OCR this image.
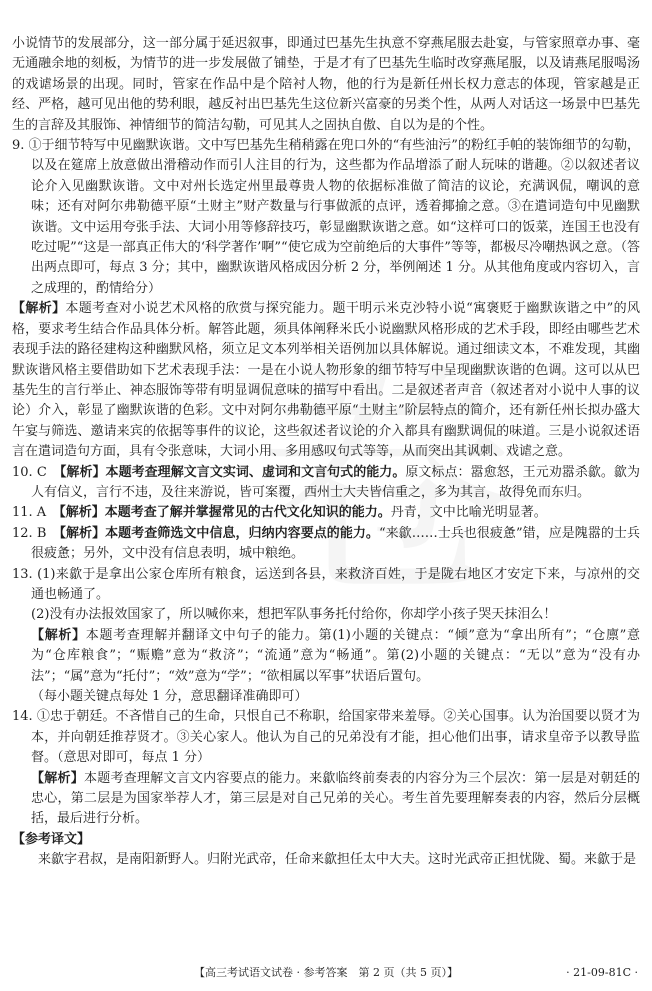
小说情节的发展部分，这一部分属于延迟叙事，即通过巴基先生执意不穿燕尾服去赴宴，与管家照章办事、毫无通融余地的刻板，为情节的进一步发展做了铺垫，于是才有了巴基先生临时改穿燕尾服，以及请燕尾服喝汤的戏谑场景的出现。同时，管家在作品中是个陪衬人物，他的行为是新任州长权力意志的体现，管家越是正经、严格，越可见出他的势利眼，越反衬出巴基先生这位新兴富豪的另类个性，从两人对话这一场景中巴基先生的言辞及其服饰、神情细节的简洁勾勒，可见其人之固执自傲、自以为是的个性。

9. ①于细节特写中见幽默诙谐。文中写巴基先生稍稍露在兜口外的“有些油污”的粉红手帕的装饰细节的勾勒，以及在筵席上放意做出滑稽动作而引人注目的行为，这些都为作品增添了耐人玩味的谐趣。②以叙述者议论介入见幽默诙谐。文中对州长选定州里最尊贵人物的依据标准做了简洁的议论，充满讽侃，嘲讽的意味；还有对阿尔弗勒德平原“土财主”财产数量与行事做派的点评，透着揶揄之意。③在遣词造句中见幽默诙谐。文中运用夸张手法、大词小用等修辞技巧，彰显幽默诙谐之意。如“这样可口的饭菜，连国王也没有吃过呢”“这是一部真正伟大的‘科学著作’啊”“使它成为空前绝后的大事件”等等，都极尽冷嘲热讽之意。（答出两点即可，每点 3 分；其中，幽默诙谐风格成因分析 2 分，举例阐述 1 分。从其他角度或内容切入，言之成理的，酌情给分）

【解析】本题考查对小说艺术风格的欣赏与探究能力。题干明示米克沙特小说“寓褒贬于幽默诙谐之中”的风格，要求考生结合作品具体分析。解答此题，须具体阐释米氏小说幽默风格形成的艺术手段，即经由哪些艺术表现手法的路径建构这种幽默风格，须立足文本列举相关语例加以具体解说。通过细读文本，不难发现，其幽默诙谐风格主要借助如下艺术表现手法：一是在小说人物形象的细节特写中呈现幽默诙谐的色调。这可以从巴基先生的言行举止、神态服饰等带有明显调侃意味的描写中看出。二是叙述者声音（叙述者对小说中人事的议论）介入，彰显了幽默诙谐的色彩。文中对阿尔弗勒德平原“土财主”阶层特点的简介，还有新任州长拟办盛大午宴与筛选、邀请来宾的依据等事件的议论，这些叙述者议论的介入都具有幽默调侃的味道。三是小说叙述语言在遣词造句方面，具有令张意味，大词小用、多用感叹句式等等，从而突出其讽刺、戏谑之意。

10. C　 【解析】本题考查理解文言文实词、虚词和文言句式的能力。原文标点：嚣愈怒，王元劝嚣杀歙。歙为人有信义，言行不违，及往来游说，皆可案覆，西州士大夫皆信重之，多为其言，故得免而东归。

11. A　 【解析】本题考查了解并掌握常见的古代文化知识的能力。丹青，文中比喻光明显著。

12. B　 【解析】本题考查筛选文中信息，归纳内容要点的能力。“来歙……士兵也很疲惫”错，应是隗嚣的士兵很疲惫；另外，文中没有信息表明，城中粮绝。

13. (1)来歙于是拿出公家仓库所有粮食，运送到各县，来救济百姓，于是陇右地区才安定下来，与凉州的交通也畅通了。

(2)没有办法报效国家了，所以喊你来，想把军队事务托付给你，你却学小孩子哭天抹泪么！

【解析】本题考查理解并翻译文中句子的能力。第(1)小题的关键点：“倾”意为“拿出所有”；“仓廪”意为“仓库粮食”；“赈赡”意为“救济”；“流通”意为“畅通”。第(2)小题的关键点：“无以”意为“没有办法”；“属”意为“托付”；“效”意为“学”；“欲相属以军事”状语后置句。

（每小题关键点每处 1 分，意思翻译准确即可）

14. ①忠于朝廷。不吝惜自己的生命，只恨自己不称职，给国家带来羞辱。②关心国事。认为治国要以贤才为本，并向朝廷推荐贤才。③关心家人。他认为自己的兄弟没有才能，担心他们出事，请求皇帝予以教导监督。（意思对即可，每点 1 分）

【解析】本题考查理解文言文内容要点的能力。来歙临终前奏表的内容分为三个层次：第一层是对朝廷的忠心，第二层是为国家举荐人才，第三层是对自己兄弟的关心。考生首先要理解奏表的内容，然后分层概括，最后进行分析。

【参考译文】

来歙字君叔，是南阳新野人。归附光武帝，任命来歙担任太中大夫。这时光武帝正担忧陇、蜀。来歙于是

【高三考试语文试卷 · 参考答案　第 2 页（共 5 页）】	· 21-09-81C ·
